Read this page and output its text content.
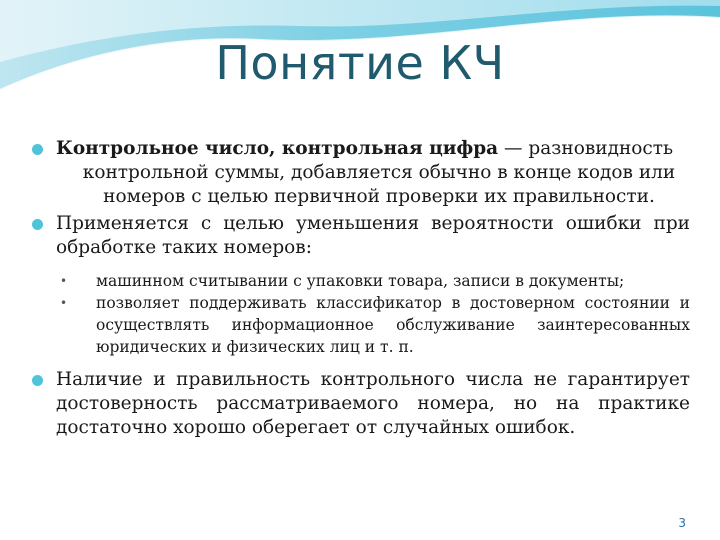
Понятие КЧ
Контрольное число, контрольная цифра — разновидность
контрольной суммы, добавляется обычно в конце кодов или номеров с целью первичной проверки их правильности.
Применяется с целью уменьшения вероятности ошибки при обработке таких номеров:
• машинном считывании с упаковки товара, записи в документы;
• позволяет поддерживать классификатор в достоверном состоянии и осуществлять информационное обслуживание заинтересованных юридических и физических лиц и т. п.
Наличие и правильность контрольного числа не гарантирует достоверность рассматриваемого номера, но на практике достаточно хорошо оберегает от случайных ошибок.
3
